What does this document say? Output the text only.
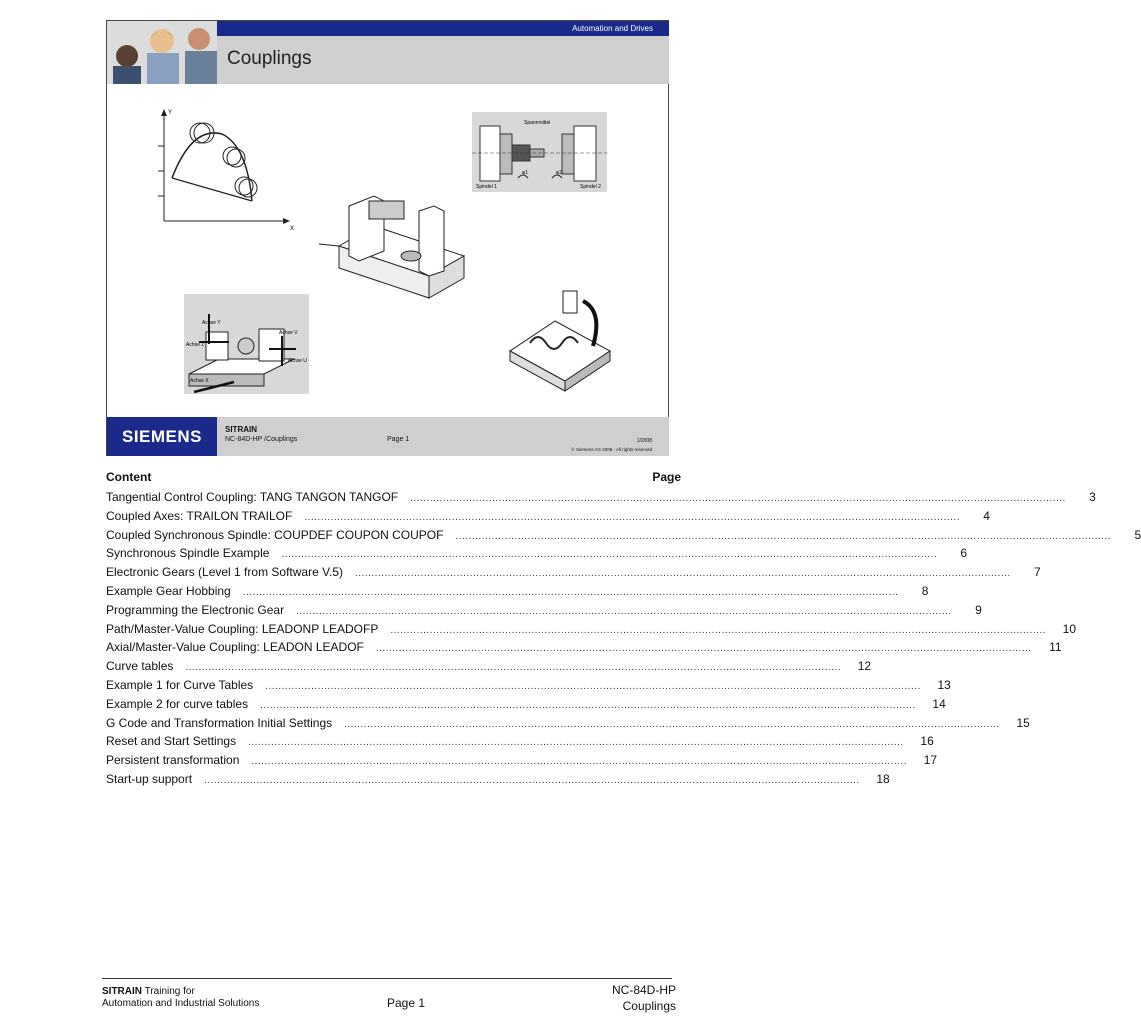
Automation and Drives
Couplings
Y
X
Spannmittel
Spindel 1	Spindel 2
φ1	φ2
Achse Y
Achse Z
Achse V
Achse U
Achse X
SIEMENS	SITRAIN
NC-84D-HP /Couplings	Page 1	1/2008
© Siemens AG 2008 - All rights reserved
Content	Page
Tangential Control Coupling: TANG TANGON TANGOF	........................................................................................................................................................................................................	3
Coupled Axes: TRAILON TRAILOF	........................................................................................................................................................................................................	4
Coupled Synchronous Spindle: COUPDEF COUPON COUPOF	........................................................................................................................................................................................................	5
Synchronous Spindle Example	........................................................................................................................................................................................................	6
Electronic Gears (Level 1 from Software V.5)	........................................................................................................................................................................................................	7
Example Gear Hobbing	........................................................................................................................................................................................................	8
Programming the Electronic Gear	........................................................................................................................................................................................................	9
Path/Master-Value Coupling: LEADONP LEADOFP	........................................................................................................................................................................................................	10
Axial/Master-Value Coupling: LEADON LEADOF	........................................................................................................................................................................................................	11
Curve tables	........................................................................................................................................................................................................	12
Example 1 for Curve Tables	........................................................................................................................................................................................................	13
Example 2 for curve tables	........................................................................................................................................................................................................	14
G Code and Transformation Initial Settings	........................................................................................................................................................................................................	15
Reset and Start Settings	........................................................................................................................................................................................................	16
Persistent transformation	........................................................................................................................................................................................................	17
Start-up support	........................................................................................................................................................................................................	18
SITRAIN Training for
Automation and Industrial Solutions	Page 1
NC-84D-HP
Couplings
